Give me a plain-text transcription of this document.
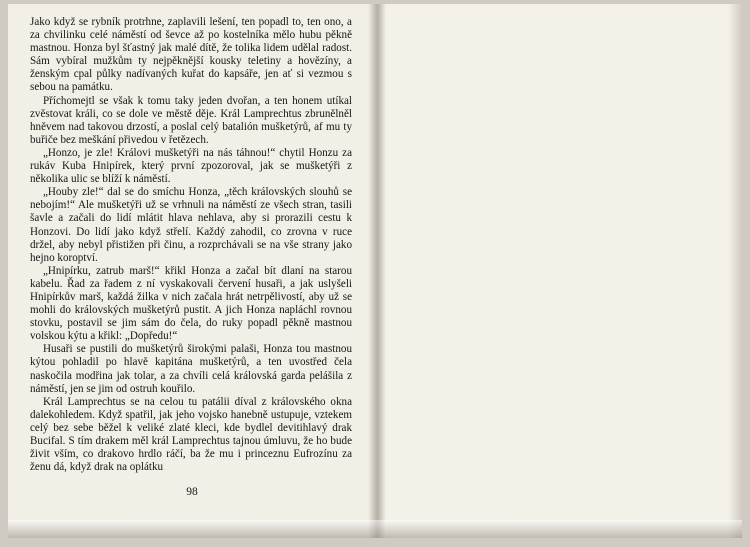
Jako když se rybník protrhne, zaplavili lešení, ten popadl to, ten ono, a za chvilinku celé náměstí od ševce až po kostelníka mělo hubu pěkně mastnou. Honza byl šťastný jak malé dítě, že tolika lidem udělal radost. Sám vybíral mužkům ty nejpěknější kousky teletiny a hovězíny, a ženským cpal půlky nadívaných kuřat do kapsáře, jen ať si vezmou s sebou na památku.

Příchomejtl se však k tomu taky jeden dvořan, a ten honem utíkal zvěstovat králi, co se dole ve městě děje. Král Lamprechtus zbrunělněl hněvem nad takovou drzostí, a poslal celý batalión mušketýrů, af mu ty buřiče bez meškání přivedou v řetězech.

„Honzo, je zle! Královi mušketýři na nás táhnou!“ chytil Honzu za rukáv Kuba Hnipírek, který první zpozoroval, jak se mušketýři z několika ulic se blíží k náměstí.

„Houby zle!“ dal se do smíchu Honza, „těch královských slouhů se nebojím!“ Ale mušketýři už se vrhnuli na náměstí ze všech stran, tasili šavle a začali do lidí mlátit hlava nehlava, aby si prorazili cestu k Honzovi. Do lidí jako když střelí. Každý zahodil, co zrovna v ruce držel, aby nebyl přistižen při činu, a rozprchávali se na vše strany jako hejno koroptví.

„Hnipírku, zatrub marš!“ křikl Honza a začal bít dlaní na starou kabelu. Řad za řadem z ní vyskakovali červení husaři, a jak uslyšeli Hnipírkův marš, každá žilka v nich začala hrát netrpělivostí, aby už se mohli do královských mušketýrů pustit. A jich Honza napláchl rovnou stovku, postavil se jim sám do čela, do ruky popadl pěkně mastnou volskou kýtu a křikl: „Dopředu!“

Husaři se pustili do mušketýrů širokými palaši, Honza tou mastnou kýtou pohladil po hlavě kapitána mušketýrů, a ten uvostřed čela naskočila modřina jak tolar, a za chvíli celá královská garda pelášila z náměstí, jen se jim od ostruh kouřilo.

Král Lamprechtus se na celou tu patálii díval z královského okna dalekohledem. Když spatřil, jak jeho vojsko hanebně ustupuje, vztekem celý bez sebe běžel k veliké zlaté kleci, kde bydlel devitihlavý drak Bucifal. S tím drakem měl král Lamprechtus tajnou úmluvu, že ho bude živit vším, co drakovo hrdlo ráčí, ba že mu i princeznu Eufrozínu za ženu dá, když drak na oplátku

98
